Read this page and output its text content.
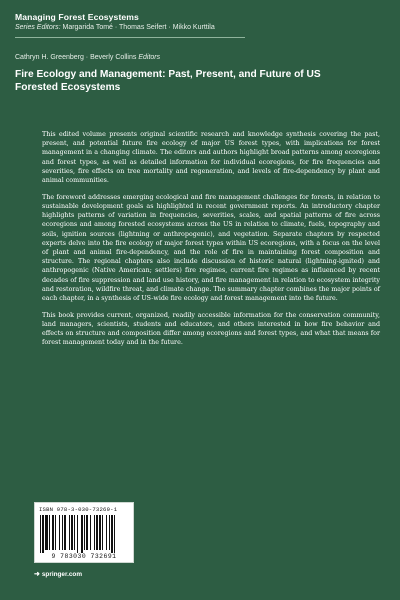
Managing Forest Ecosystems
Series Editors: Margarida Tomé · Thomas Seifert · Mikko Kurttila
Cathryn H. Greenberg · Beverly Collins Editors
Fire Ecology and Management: Past, Present, and Future of US Forested Ecosystems

This edited volume presents original scientific research and knowledge synthesis covering the past, present, and potential future fire ecology of major US forest types, with implications for forest management in a changing climate. The editors and authors highlight broad patterns among ecoregions and forest types, as well as detailed information for individual ecoregions, for fire frequencies and severities, fire effects on tree mortality and regeneration, and levels of fire-dependency by plant and animal communities.

The foreword addresses emerging ecological and fire management challenges for forests, in relation to sustainable development goals as highlighted in recent government reports. An introductory chapter highlights patterns of variation in frequencies, severities, scales, and spatial patterns of fire across ecoregions and among forested ecosystems across the US in relation to climate, fuels, topography and soils, ignition sources (lightning or anthropogenic), and vegetation. Separate chapters by respected experts delve into the fire ecology of major forest types within US ecoregions, with a focus on the level of plant and animal fire-dependency, and the role of fire in maintaining forest composition and structure. The regional chapters also include discussion of historic natural (lightning-ignited) and anthropogenic (Native American; settlers) fire regimes, current fire regimes as influenced by recent decades of fire suppression and land use history, and fire management in relation to ecosystem integrity and restoration, wildfire threat, and climate change. The summary chapter combines the major points of each chapter, in a synthesis of US-wide fire ecology and forest management into the future.

This book provides current, organized, readily accessible information for the conservation community, land managers, scientists, students and educators, and others interested in how fire behavior and effects on structure and composition differ among ecoregions and forest types, and what that means for forest management today and in the future.

ISBN 978-3-030-73269-1
9 783030 732691
➜ springer.com
